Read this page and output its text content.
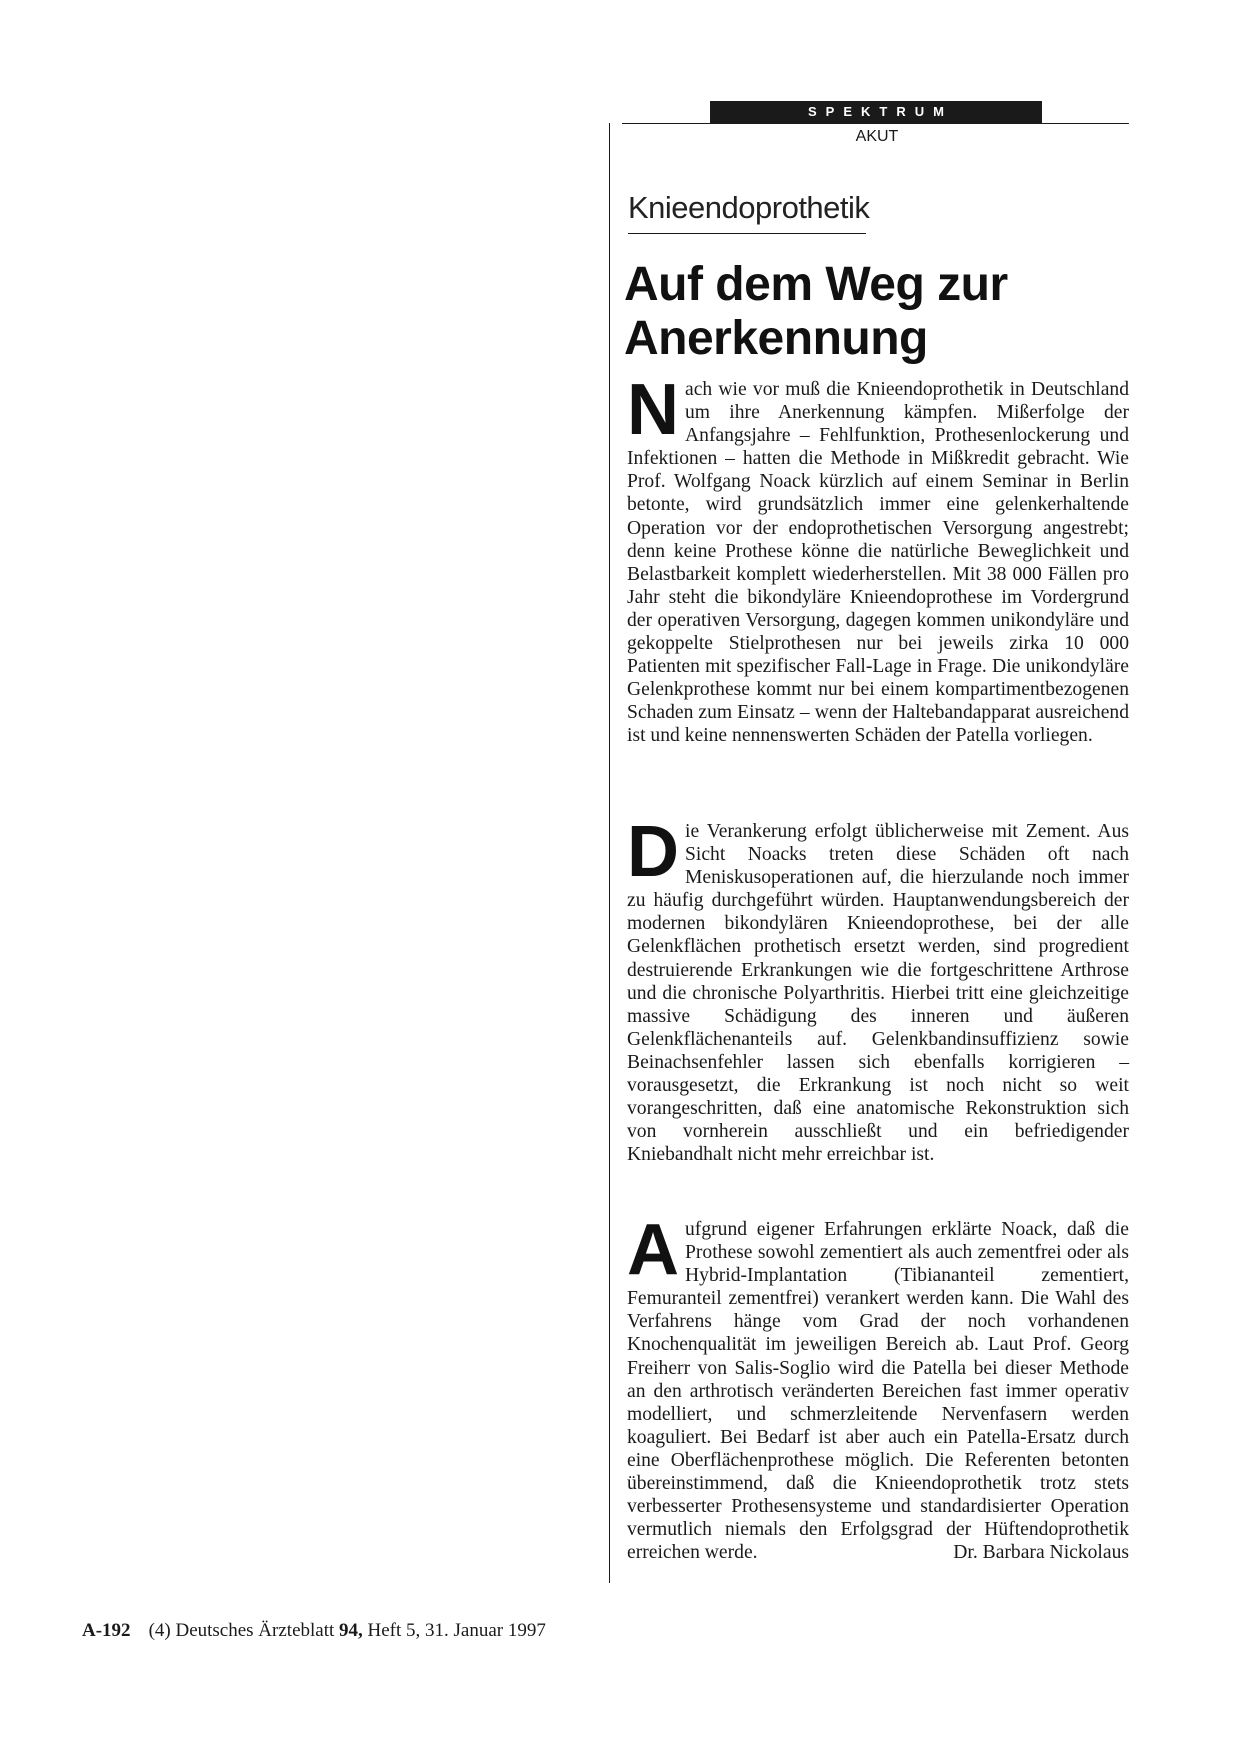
SPEKTRUM
AKUT
Knieendoprothetik
Auf dem Weg zur Anerkennung
Nach wie vor muß die Knieendoprothetik in Deutschland um ihre Anerkennung kämpfen. Mißerfolge der Anfangsjahre – Fehlfunktion, Prothesenlockerung und Infektionen – hatten die Methode in Mißkredit gebracht. Wie Prof. Wolfgang Noack kürzlich auf einem Seminar in Berlin betonte, wird grundsätzlich immer eine gelenkerhaltende Operation vor der endoprothetischen Versorgung angestrebt; denn keine Prothese könne die natürliche Beweglichkeit und Belastbarkeit komplett wiederherstellen. Mit 38 000 Fällen pro Jahr steht die bikondyläre Knieendoprothese im Vordergrund der operativen Versorgung, dagegen kommen unikondyläre und gekoppelte Stielprothesen nur bei jeweils zirka 10 000 Patienten mit spezifischer Fall-Lage in Frage. Die unikondyläre Gelenkprothese kommt nur bei einem kompartimentbezogenen Schaden zum Einsatz – wenn der Haltebandapparat ausreichend ist und keine nennenswerten Schäden der Patella vorliegen.
Die Verankerung erfolgt üblicherweise mit Zement. Aus Sicht Noacks treten diese Schäden oft nach Meniskusoperationen auf, die hierzulande noch immer zu häufig durchgeführt würden. Hauptanwendungsbereich der modernen bikondylären Knieendoprothese, bei der alle Gelenkflächen prothetisch ersetzt werden, sind progredient destruierende Erkrankungen wie die fortgeschrittene Arthrose und die chronische Polyarthritis. Hierbei tritt eine gleichzeitige massive Schädigung des inneren und äußeren Gelenkflächenanteils auf. Gelenkbandinsuffizienz sowie Beinachsenfehler lassen sich ebenfalls korrigieren – vorausgesetzt, die Erkrankung ist noch nicht so weit vorangeschritten, daß eine anatomische Rekonstruktion sich von vornherein ausschließt und ein befriedigender Kniebandhalt nicht mehr erreichbar ist.
Aufgrund eigener Erfahrungen erklärte Noack, daß die Prothese sowohl zementiert als auch zementfrei oder als Hybrid-Implantation (Tibiananteil zementiert, Femuranteil zementfrei) verankert werden kann. Die Wahl des Verfahrens hänge vom Grad der noch vorhandenen Knochenqualität im jeweiligen Bereich ab. Laut Prof. Georg Freiherr von Salis-Soglio wird die Patella bei dieser Methode an den arthrotisch veränderten Bereichen fast immer operativ modelliert, und schmerzleitende Nervenfasern werden koaguliert. Bei Bedarf ist aber auch ein Patella-Ersatz durch eine Oberflächenprothese möglich. Die Referenten betonten übereinstimmend, daß die Knieendoprothetik trotz stets verbesserter Prothesensysteme und standardisierter Operation vermutlich niemals den Erfolgsgrad der Hüftendoprothetik erreichen werde.	Dr. Barbara Nickolaus
A-192 (4) Deutsches Ärzteblatt 94, Heft 5, 31. Januar 1997
